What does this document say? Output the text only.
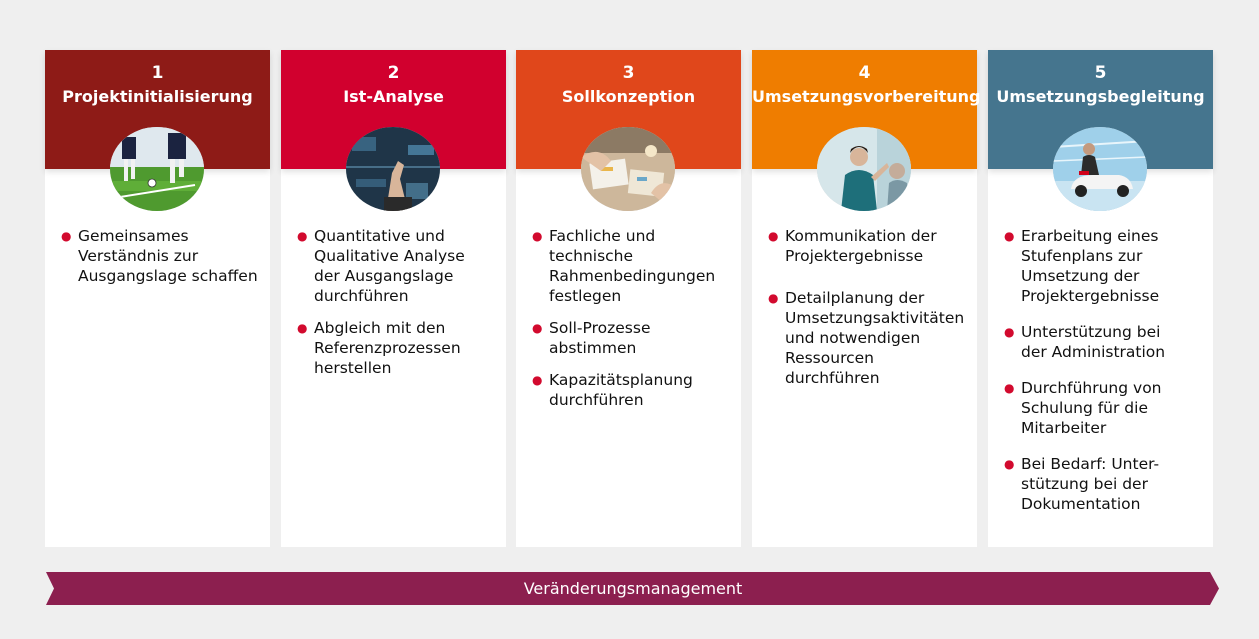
1
Projektinitialisierung
● Gemeinsames
Verständnis zur
Ausgangslage schaffen
2
Ist-Analyse
● Quantitative und
Qualitative Analyse
der Ausgangslage
durchführen
● Abgleich mit den
Referenzprozessen
herstellen
3
Sollkonzeption
● Fachliche und technische
Rahmenbedingungen
festlegen
● Soll-Prozesse abstimmen
● Kapazitätsplanung
durchführen
4
Umsetzungsvorbereitung
● Kommunikation der
Projektergebnisse
● Detailplanung der
Umsetzungsaktivitäten
und notwendigen
Ressourcen durchführen
5
Umsetzungsbegleitung
● Erarbeitung eines
Stufenplans zur
Umsetzung der
Projektergebnisse
● Unterstützung bei
der Administration
● Durchführung von
Schulung für die
Mitarbeiter
● Bei Bedarf: Unter-
stützung bei der
Dokumentation
Veränderungsmanagement
